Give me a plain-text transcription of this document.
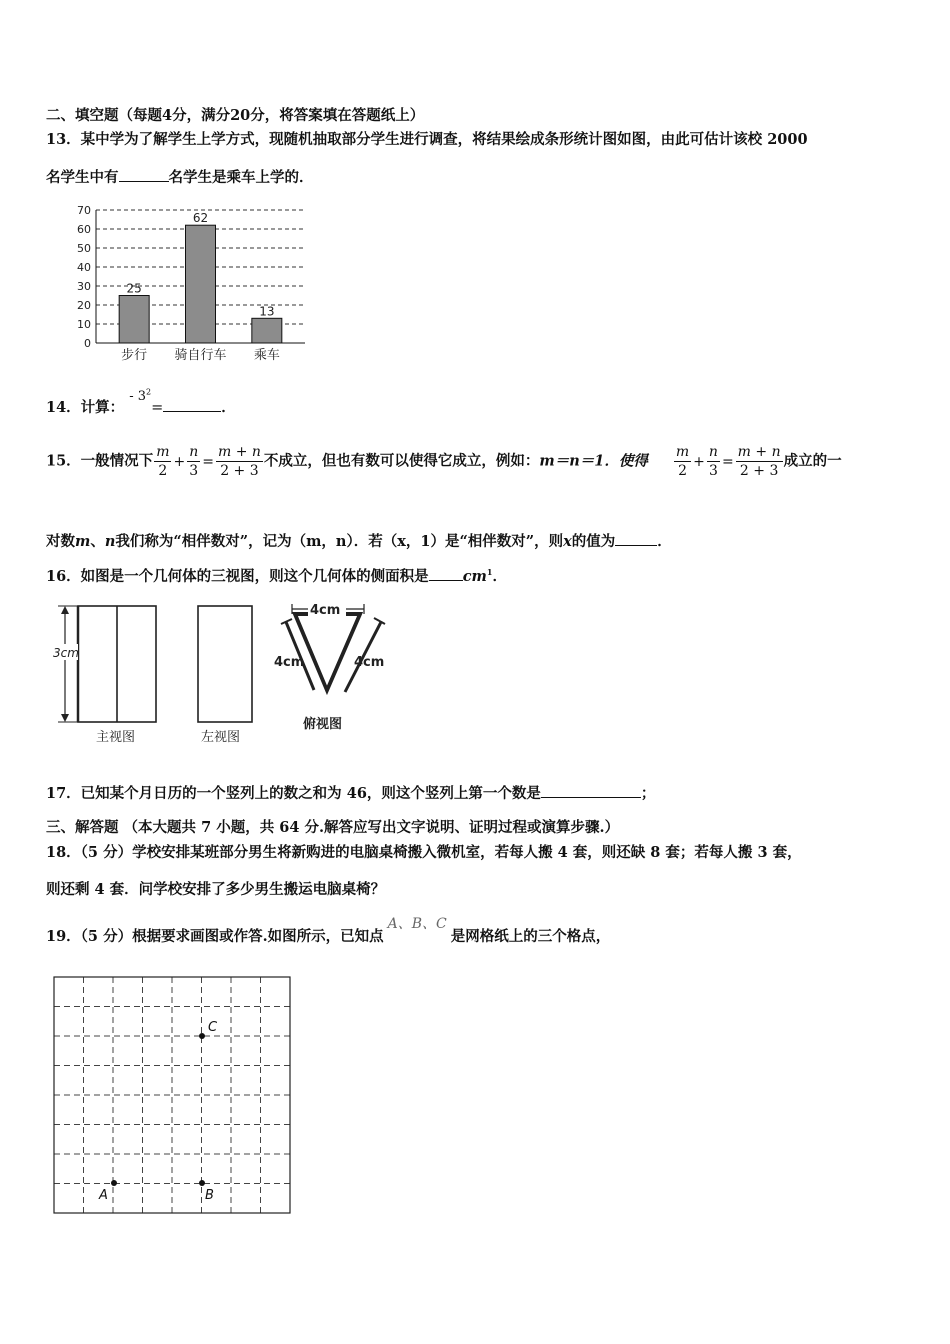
二、填空题（每题4分，满分20分，将答案填在答题纸上）
13．某中学为了解学生上学方式，现随机抽取部分学生进行调查，将结果绘成条形统计图如图，由此可估计该校 2000
名学生中有	名学生是乘车上学的．
0
10
20
30
40
50
60
70
步行 骑自行车 乘车
25
62
13
14．计算： - $3^2=$	．
15．一般情况下 $\frac{m}{2} + \frac{n}{3} = \frac{m + n}{2 + 3}$ 不成立，但也有数可以使得它成立，例如：m＝n＝1．使得 $\frac{m}{2} + \frac{n}{3} = \frac{m + n}{2 + 3}$ 成立的一
对数m、n我们称为“相伴数对”，记为（m，n）．若（x，1）是“相伴数对”，则x的值为	．
16．如图是一个几何体的三视图，则这个几何体的侧面积是 $cm^1$．
3cm
主视图	左视图
4cm
4cm	4cm
俯视图
17．已知某个月日历的一个竖列上的数之和为 46，则这个竖列上第一个数是	；
三、解答题 （本大题共 7 小题，共 64 分.解答应写出文字说明、证明过程或演算步骤.）
18．（5 分）学校安排某班部分男生将新购进的电脑桌椅搬入微机室，若每人搬 4 套，则还缺 8 套；若每人搬 3 套，
则还剩 4 套．问学校安排了多少男生搬运电脑桌椅？
19．（5 分）根据要求画图或作答.如图所示，已知点A、B、C是网格纸上的三个格点，
C
A	B
